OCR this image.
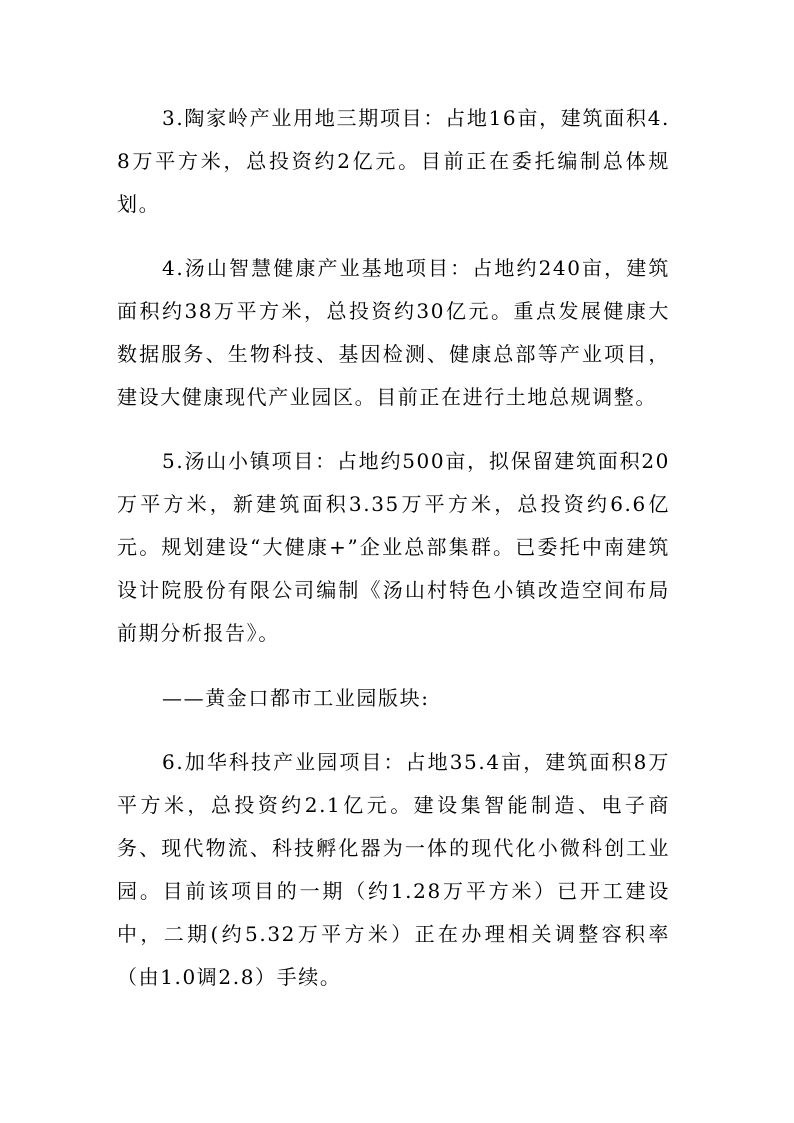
3.陶家岭产业用地三期项目：占地16亩，建筑面积4.8万平方米，总投资约2亿元。目前正在委托编制总体规划。

4.汤山智慧健康产业基地项目：占地约240亩，建筑面积约38万平方米，总投资约30亿元。重点发展健康大数据服务、生物科技、基因检测、健康总部等产业项目，建设大健康现代产业园区。目前正在进行土地总规调整。

5.汤山小镇项目：占地约500亩，拟保留建筑面积20万平方米，新建筑面积3.35万平方米，总投资约6.6亿元。规划建设“大健康+”企业总部集群。已委托中南建筑设计院股份有限公司编制《汤山村特色小镇改造空间布局前期分析报告》。

——黄金口都市工业园版块:

6.加华科技产业园项目：占地35.4亩，建筑面积8万平方米，总投资约2.1亿元。建设集智能制造、电子商务、现代物流、科技孵化器为一体的现代化小微科创工业园。目前该项目的一期（约1.28万平方米）已开工建设中，二期(约5.32万平方米）正在办理相关调整容积率（由1.0调2.8）手续。
